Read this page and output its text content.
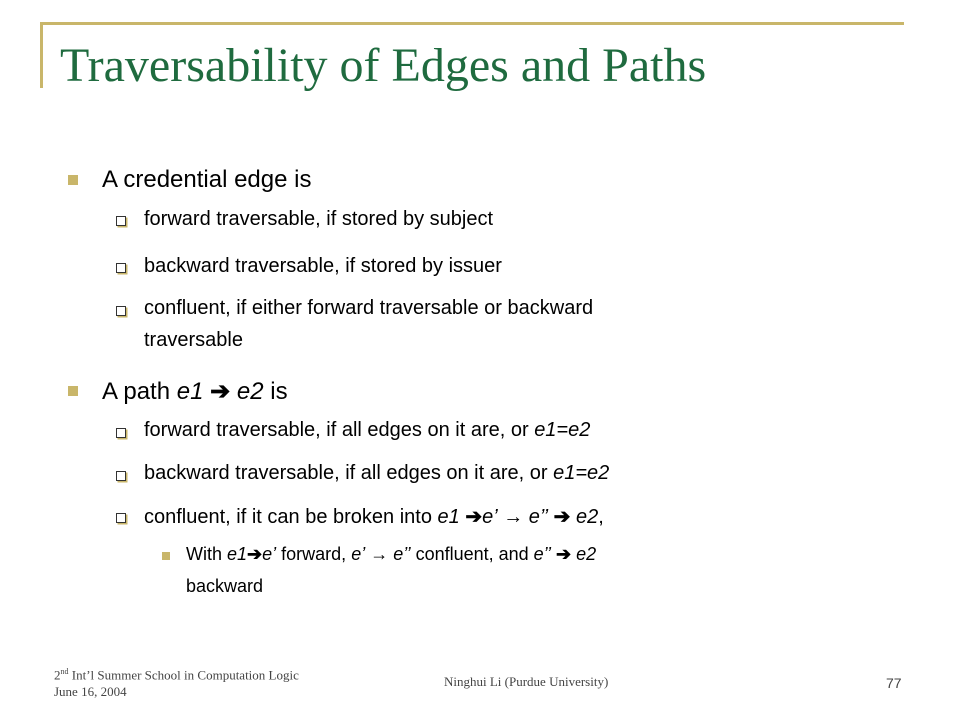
Traversability of Edges and Paths
A credential edge is
forward traversable, if stored by subject
backward traversable, if stored by issuer
confluent, if either forward traversable or backward
traversable
A path e1 ➔ e2 is
forward traversable, if all edges on it are, or e1=e2
backward traversable, if all edges on it are, or e1=e2
confluent, if it can be broken into e1 ➔e’ → e’’ ➔ e2,
With e1➔e’ forward, e’ → e’’ confluent, and e’’ ➔ e2
backward
2nd Int’l Summer School in Computation Logic
June 16, 2004
Ninghui Li (Purdue University)	77
